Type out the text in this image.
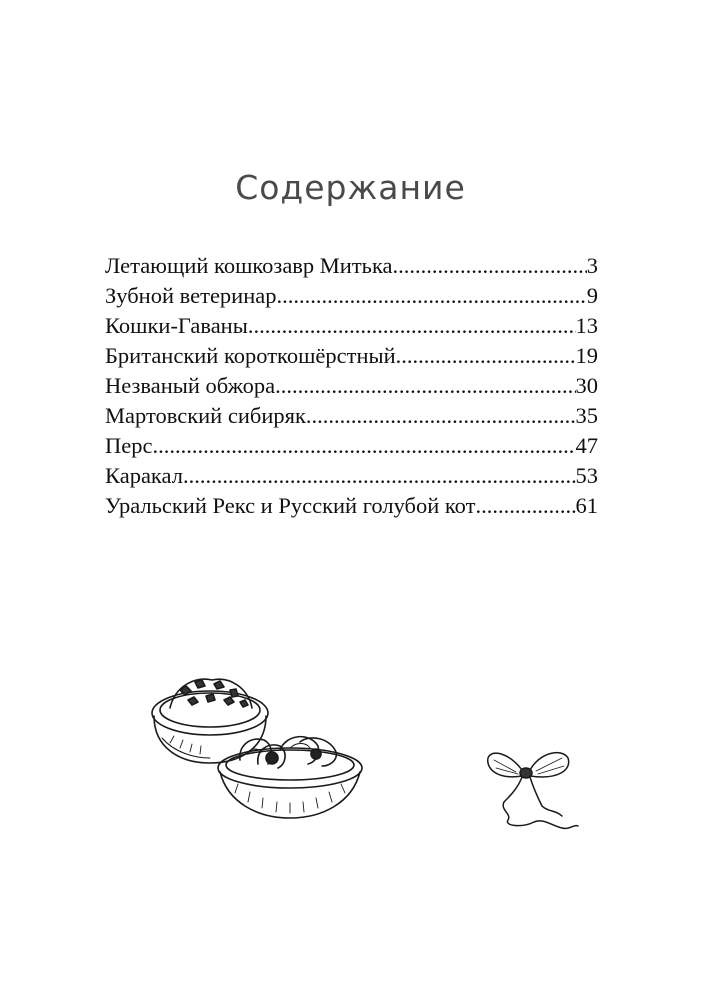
Содержание
Летающий кошкозавр Митька .....	3
Зубной ветеринар .....	9
Кошки-Гаваны .....	13
Британский короткошёрстный .....	19
Незваный обжора .....	30
Мартовский сибиряк .....	35
Перс .....	47
Каракал .....	53
Уральский Рекс и Русский голубой кот .....	61
